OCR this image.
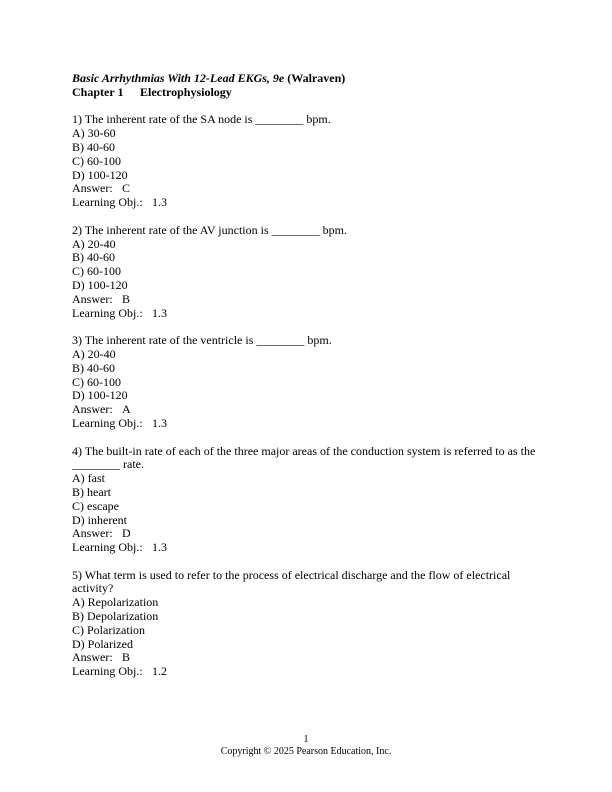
Basic Arrhythmias With 12-Lead EKGs, 9e (Walraven)
Chapter 1 Electrophysiology
1) The inherent rate of the SA node is ________ bpm.
A) 30-60
B) 40-60
C) 60-100
D) 100-120
Answer: C
Learning Obj.: 1.3
2) The inherent rate of the AV junction is ________ bpm.
A) 20-40
B) 40-60
C) 60-100
D) 100-120
Answer: B
Learning Obj.: 1.3
3) The inherent rate of the ventricle is ________ bpm.
A) 20-40
B) 40-60
C) 60-100
D) 100-120
Answer: A
Learning Obj.: 1.3
4) The built-in rate of each of the three major areas of the conduction system is referred to as the ________ rate.
A) fast
B) heart
C) escape
D) inherent
Answer: D
Learning Obj.: 1.3
5) What term is used to refer to the process of electrical discharge and the flow of electrical activity?
A) Repolarization
B) Depolarization
C) Polarization
D) Polarized
Answer: B
Learning Obj.: 1.2
1
Copyright © 2025 Pearson Education, Inc.
